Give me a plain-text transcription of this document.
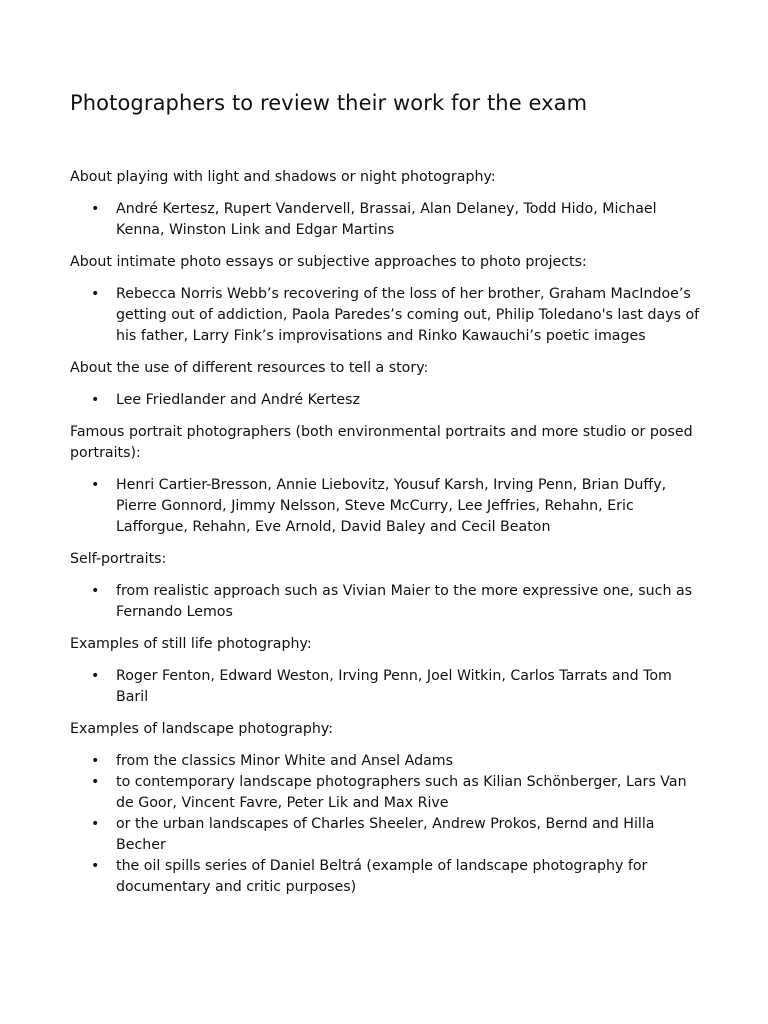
Photographers to review their work for the exam
About playing with light and shadows or night photography:
• André Kertesz, Rupert Vandervell, Brassai, Alan Delaney, Todd Hido, Michael Kenna, Winston Link and Edgar Martins
About intimate photo essays or subjective approaches to photo projects:
• Rebecca Norris Webb’s recovering of the loss of her brother, Graham MacIndoe’s getting out of addiction, Paola Paredes’s coming out, Philip Toledano's last days of his father, Larry Fink’s improvisations and Rinko Kawauchi’s poetic images
About the use of different resources to tell a story:
• Lee Friedlander and André Kertesz
Famous portrait photographers (both environmental portraits and more studio or posed portraits):
• Henri Cartier-Bresson, Annie Liebovitz, Yousuf Karsh, Irving Penn, Brian Duffy, Pierre Gonnord, Jimmy Nelsson, Steve McCurry, Lee Jeffries, Rehahn, Eric Lafforgue, Rehahn, Eve Arnold, David Baley and Cecil Beaton
Self-portraits:
• from realistic approach such as Vivian Maier to the more expressive one, such as Fernando Lemos
Examples of still life photography:
• Roger Fenton, Edward Weston, Irving Penn, Joel Witkin, Carlos Tarrats and Tom Baril
Examples of landscape photography:
• from the classics Minor White and Ansel Adams
• to contemporary landscape photographers such as Kilian Schönberger, Lars Van de Goor, Vincent Favre, Peter Lik and Max Rive
• or the urban landscapes of Charles Sheeler, Andrew Prokos, Bernd and Hilla Becher
• the oil spills series of Daniel Beltrá (example of landscape photography for documentary and critic purposes)
